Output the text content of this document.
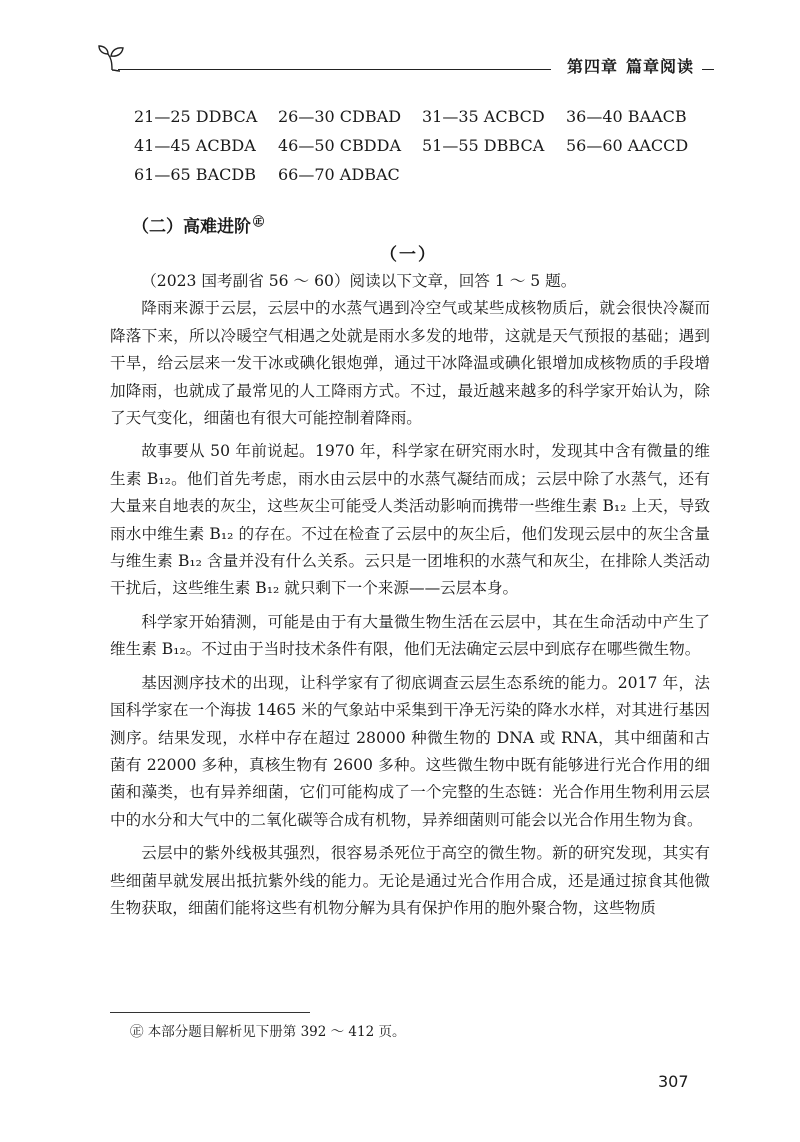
第四章 篇章阅读
21—25 DDBCA 26—30 CDBAD 31—35 ACBCD 36—40 BAACB
41—45 ACBDA 46—50 CBDDA 51—55 DBBCA 56—60 AACCD
61—65 BACDB 66—70 ADBAC
（二）高难进阶 ㊣
（一）

（2023 国考副省 56 ～ 60）阅读以下文章，回答 1 ～ 5 题。

降雨来源于云层，云层中的水蒸气遇到冷空气或某些成核物质后，就会很快冷凝而降落下来，所以冷暖空气相遇之处就是雨水多发的地带，这就是天气预报的基础；遇到干旱，给云层来一发干冰或碘化银炮弹，通过干冰降温或碘化银增加成核物质的手段增加降雨，也就成了最常见的人工降雨方式。不过，最近越来越多的科学家开始认为，除了天气变化，细菌也有很大可能控制着降雨。

故事要从 50 年前说起。1970 年，科学家在研究雨水时，发现其中含有微量的维生素 B₁₂。他们首先考虑，雨水由云层中的水蒸气凝结而成；云层中除了水蒸气，还有大量来自地表的灰尘，这些灰尘可能受人类活动影响而携带一些维生素 B₁₂ 上天，导致雨水中维生素 B₁₂ 的存在。不过在检查了云层中的灰尘后，他们发现云层中的灰尘含量与维生素 B₁₂ 含量并没有什么关系。云只是一团堆积的水蒸气和灰尘，在排除人类活动干扰后，这些维生素 B₁₂ 就只剩下一个来源——云层本身。

科学家开始猜测，可能是由于有大量微生物生活在云层中，其在生命活动中产生了维生素 B₁₂。不过由于当时技术条件有限，他们无法确定云层中到底存在哪些微生物。

基因测序技术的出现，让科学家有了彻底调查云层生态系统的能力。2017 年，法国科学家在一个海拔 1465 米的气象站中采集到干净无污染的降水水样，对其进行基因测序。结果发现，水样中存在超过 28000 种微生物的 DNA 或 RNA，其中细菌和古菌有 22000 多种，真核生物有 2600 多种。这些微生物中既有能够进行光合作用的细菌和藻类，也有异养细菌，它们可能构成了一个完整的生态链：光合作用生物利用云层中的水分和大气中的二氧化碳等合成有机物，异养细菌则可能会以光合作用生物为食。

云层中的紫外线极其强烈，很容易杀死位于高空的微生物。新的研究发现，其实有些细菌早就发展出抵抗紫外线的能力。无论是通过光合作用合成，还是通过掠食其他微生物获取，细菌们能将这些有机物分解为具有保护作用的胞外聚合物，这些物质

㊣ 本部分题目解析见下册第 392 ～ 412 页。
307
